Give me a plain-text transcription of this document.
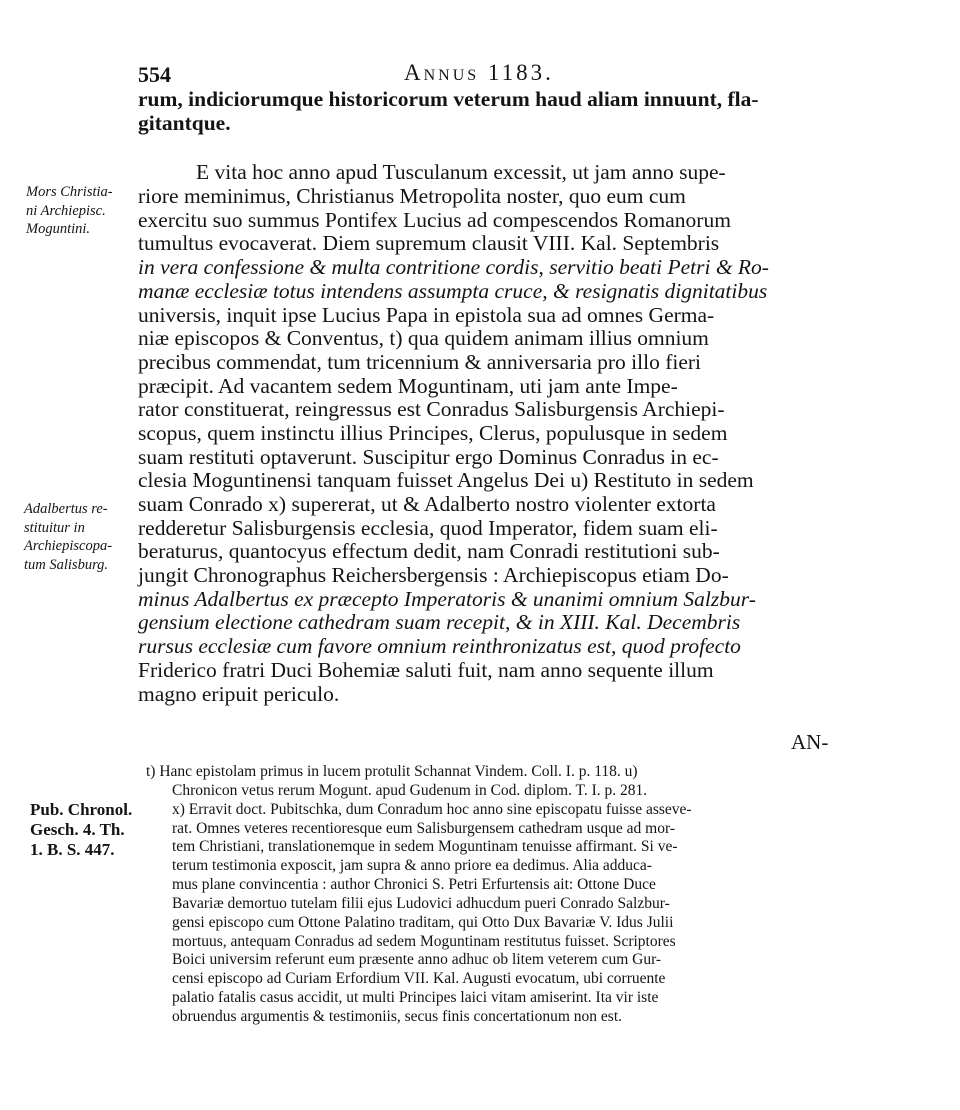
554	Annus 1183.
rum, indiciorumque historicorum veterum haud aliam innuunt, fla-
gitantque.
E vita hoc anno apud Tusculanum excessit, ut jam anno supe-
riore meminimus, Christianus Metropolita noster, quo eum cum
exercitu suo summus Pontifex Lucius ad compescendos Romanorum
tumultus evocaverat. Diem supremum clausit VIII. Kal. Septembris
in vera confessione & multa contritione cordis, servitio beati Petri & Ro-
manæ ecclesiæ totus intendens assumpta cruce, & resignatis dignitatibus
universis, inquit ipse Lucius Papa in epistola sua ad omnes Germa-
niæ episcopos & Conventus, t) qua quidem animam illius omnium
precibus commendat, tum tricennium & anniversaria pro illo fieri
præcipit. Ad vacantem sedem Moguntinam, uti jam ante Impe-
rator constituerat, reingressus est Conradus Salisburgensis Archiepi-
scopus, quem instinctu illius Principes, Clerus, populusque in sedem
suam restituti optaverunt. Suscipitur ergo Dominus Conradus in ec-
clesia Moguntinensi tanquam fuisset Angelus Dei u) Restituto in sedem
suam Conrado x) supererat, ut & Adalberto nostro violenter extorta
redderetur Salisburgensis ecclesia, quod Imperator, fidem suam eli-
beraturus, quantocyus effectum dedit, nam Conradi restitutioni sub-
jungit Chronographus Reichersbergensis : Archiepiscopus etiam Do-
minus Adalbertus ex præcepto Imperatoris & unanimi omnium Salzbur-
gensium electione cathedram suam recepit, & in XIII. Kal. Decembris
rursus ecclesiæ cum favore omnium reinthronizatus est, quod profecto
Friderico fratri Duci Bohemiæ saluti fuit, nam anno sequente illum
magno eripuit periculo.
AN-
Mors Christia-
ni Archiepisc.
Moguntini.
Adalbertus re-
stituitur in
Archiepiscopa-
tum Salisburg.
t) Hanc epistolam primus in lucem protulit Schannat Vindem. Coll. I. p. 118. u)
Chronicon vetus rerum Mogunt. apud Gudenum in Cod. diplom. T. I. p. 281.
x) Erravit doct. Pubitschka, dum Conradum hoc anno sine episcopatu fuisse asseve-
rat. Omnes veteres recentioresque eum Salisburgensem cathedram usque ad mor-
tem Christiani, translationemque in sedem Moguntinam tenuisse affirmant. Si ve-
terum testimonia exposcit, jam supra & anno priore ea dedimus. Alia adduca-
mus plane convincentia : author Chronici S. Petri Erfurtensis ait: Ottone Duce
Bavariæ demortuo tutelam filii ejus Ludovici adhucdum pueri Conrado Salzbur-
gensi episcopo cum Ottone Palatino traditam, qui Otto Dux Bavariæ V. Idus Julii
mortuus, antequam Conradus ad sedem Moguntinam restitutus fuisset. Scriptores
Boici universim referunt eum præsente anno adhuc ob litem veterem cum Gur-
censi episcopo ad Curiam Erfordium VII. Kal. Augusti evocatum, ubi corruente
palatio fatalis casus accidit, ut multi Principes laici vitam amiserint. Ita vir iste
obruendus argumentis & testimoniis, secus finis concertationum non est.
Pub. Chronol.
Gesch. 4. Th.
1. B. S. 447.
